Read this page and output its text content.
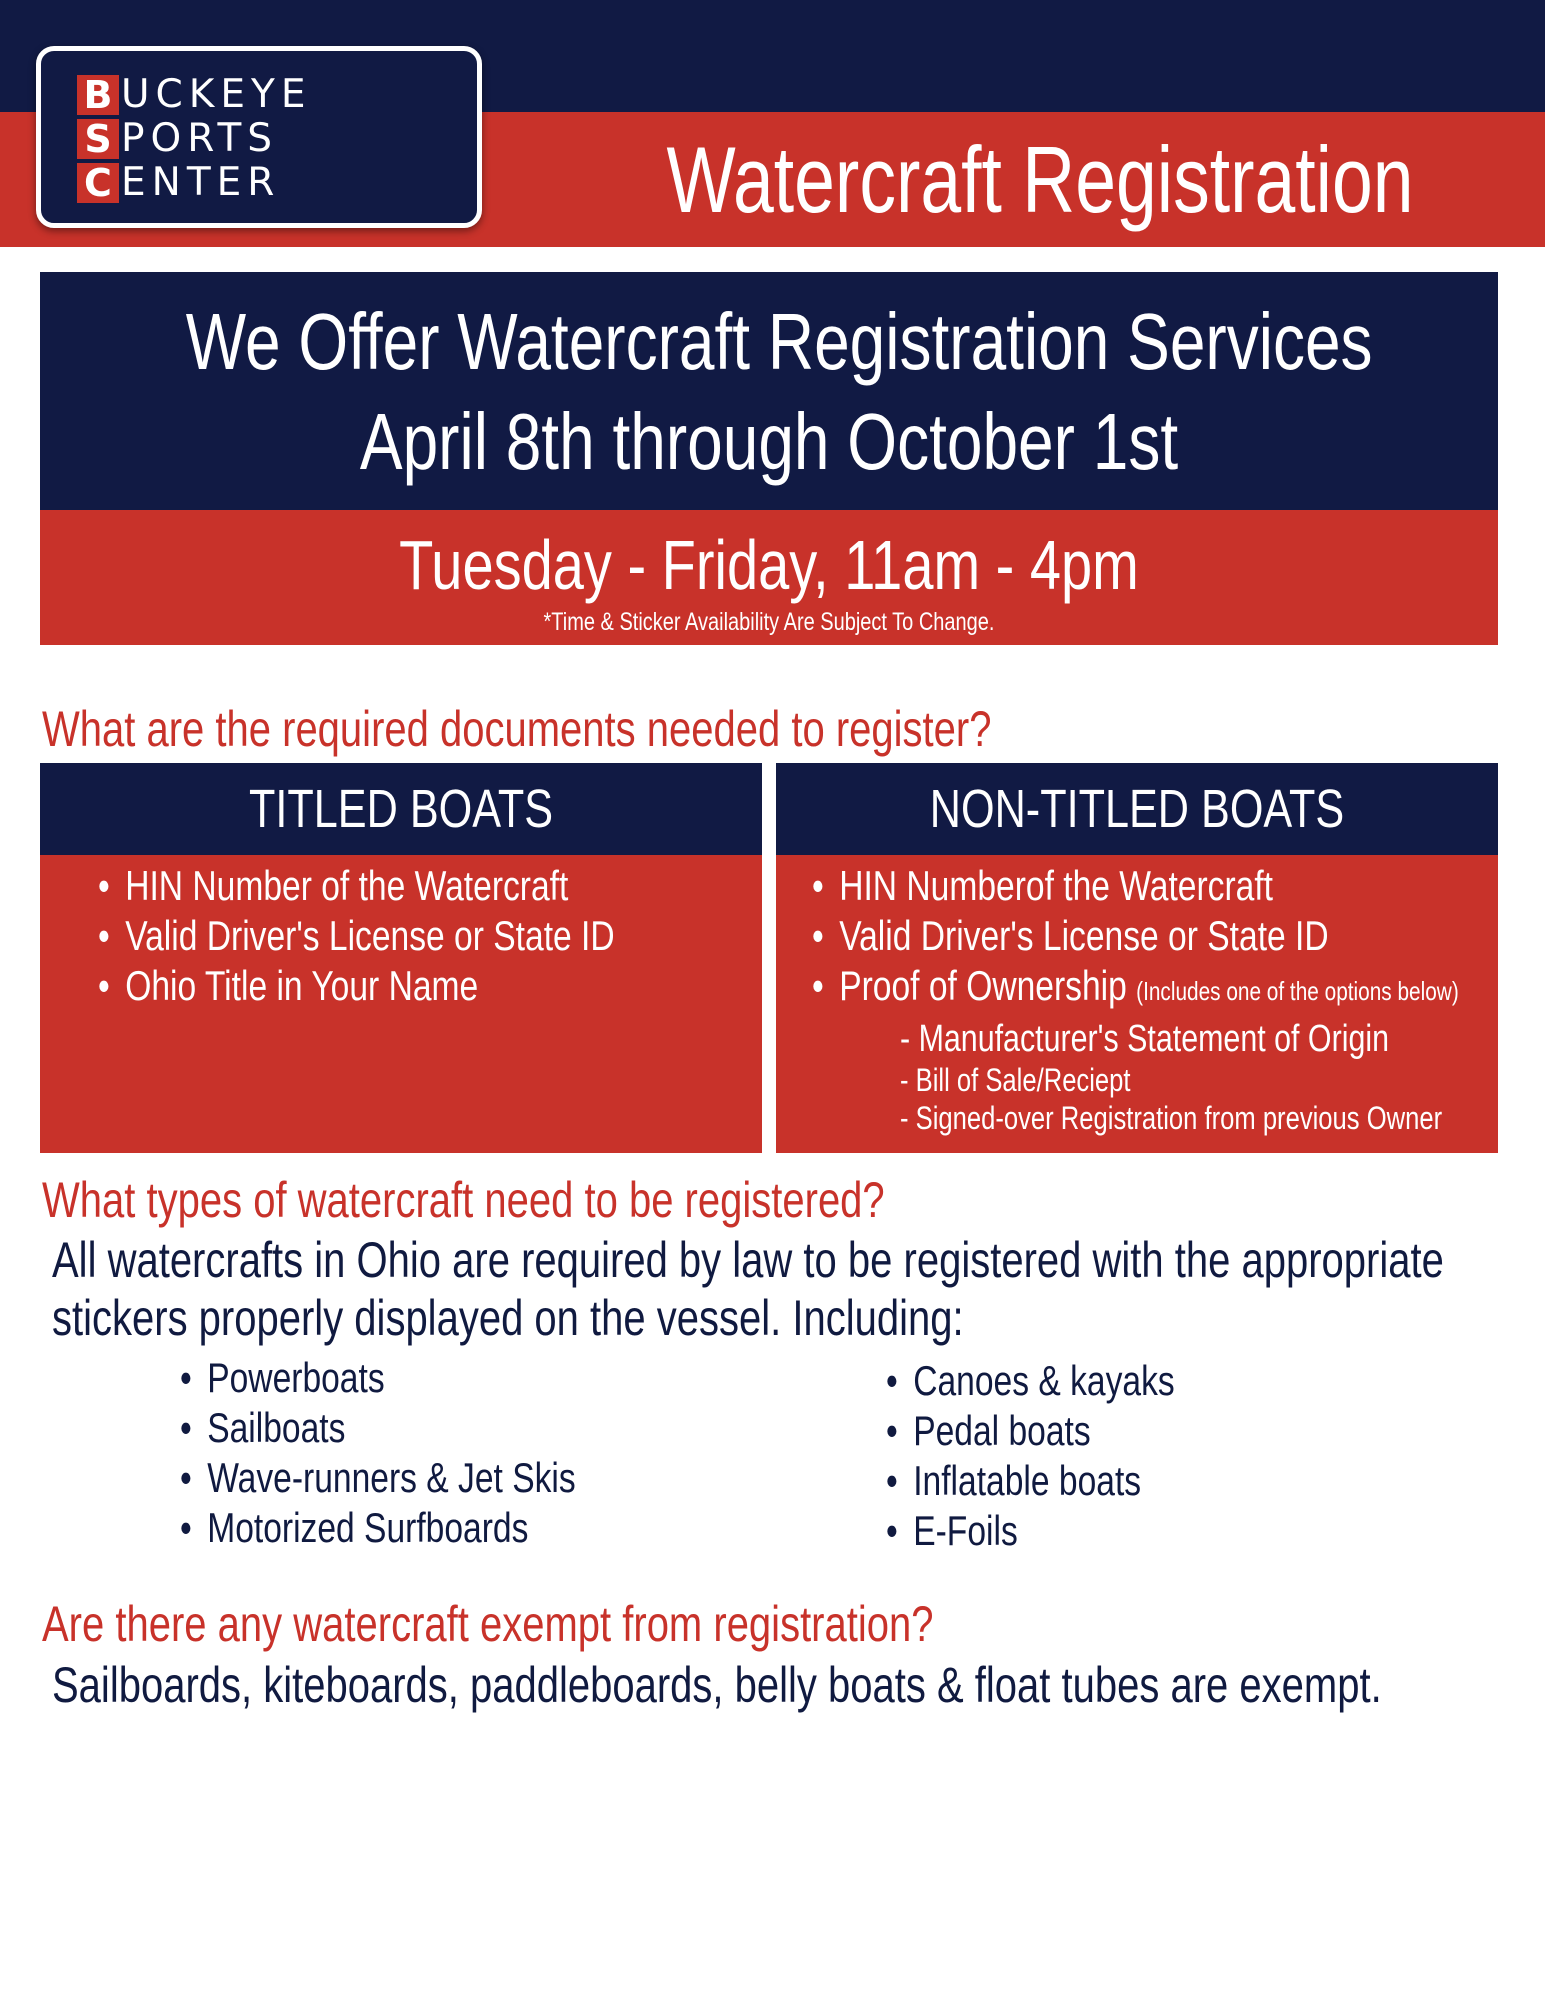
B UCKEYE
S PORTS
C ENTER	Watercraft Registration
We Offer Watercraft Registration Services
April 8th through October 1st
Tuesday - Friday, 11am - 4pm
*Time & Sticker Availability Are Subject To Change.
What are the required documents needed to register?
TITLED BOATS
• HIN Number of the Watercraft
• Valid Driver's License or State ID
• Ohio Title in Your Name
NON-TITLED BOATS
• HIN Numberof the Watercraft
• Valid Driver's License or State ID
• Proof of Ownership (Includes one of the options below)
- Manufacturer's Statement of Origin
- Bill of Sale/Reciept
- Signed-over Registration from previous Owner
What types of watercraft need to be registered?
All watercrafts in Ohio are required by law to be registered with the appropriate
stickers properly displayed on the vessel. Including:
• Powerboats
• Sailboats
• Wave-runners & Jet Skis
• Motorized Surfboards
• Canoes & kayaks
• Pedal boats
• Inflatable boats
• E-Foils
Are there any watercraft exempt from registration?
Sailboards, kiteboards, paddleboards, belly boats & float tubes are exempt.
